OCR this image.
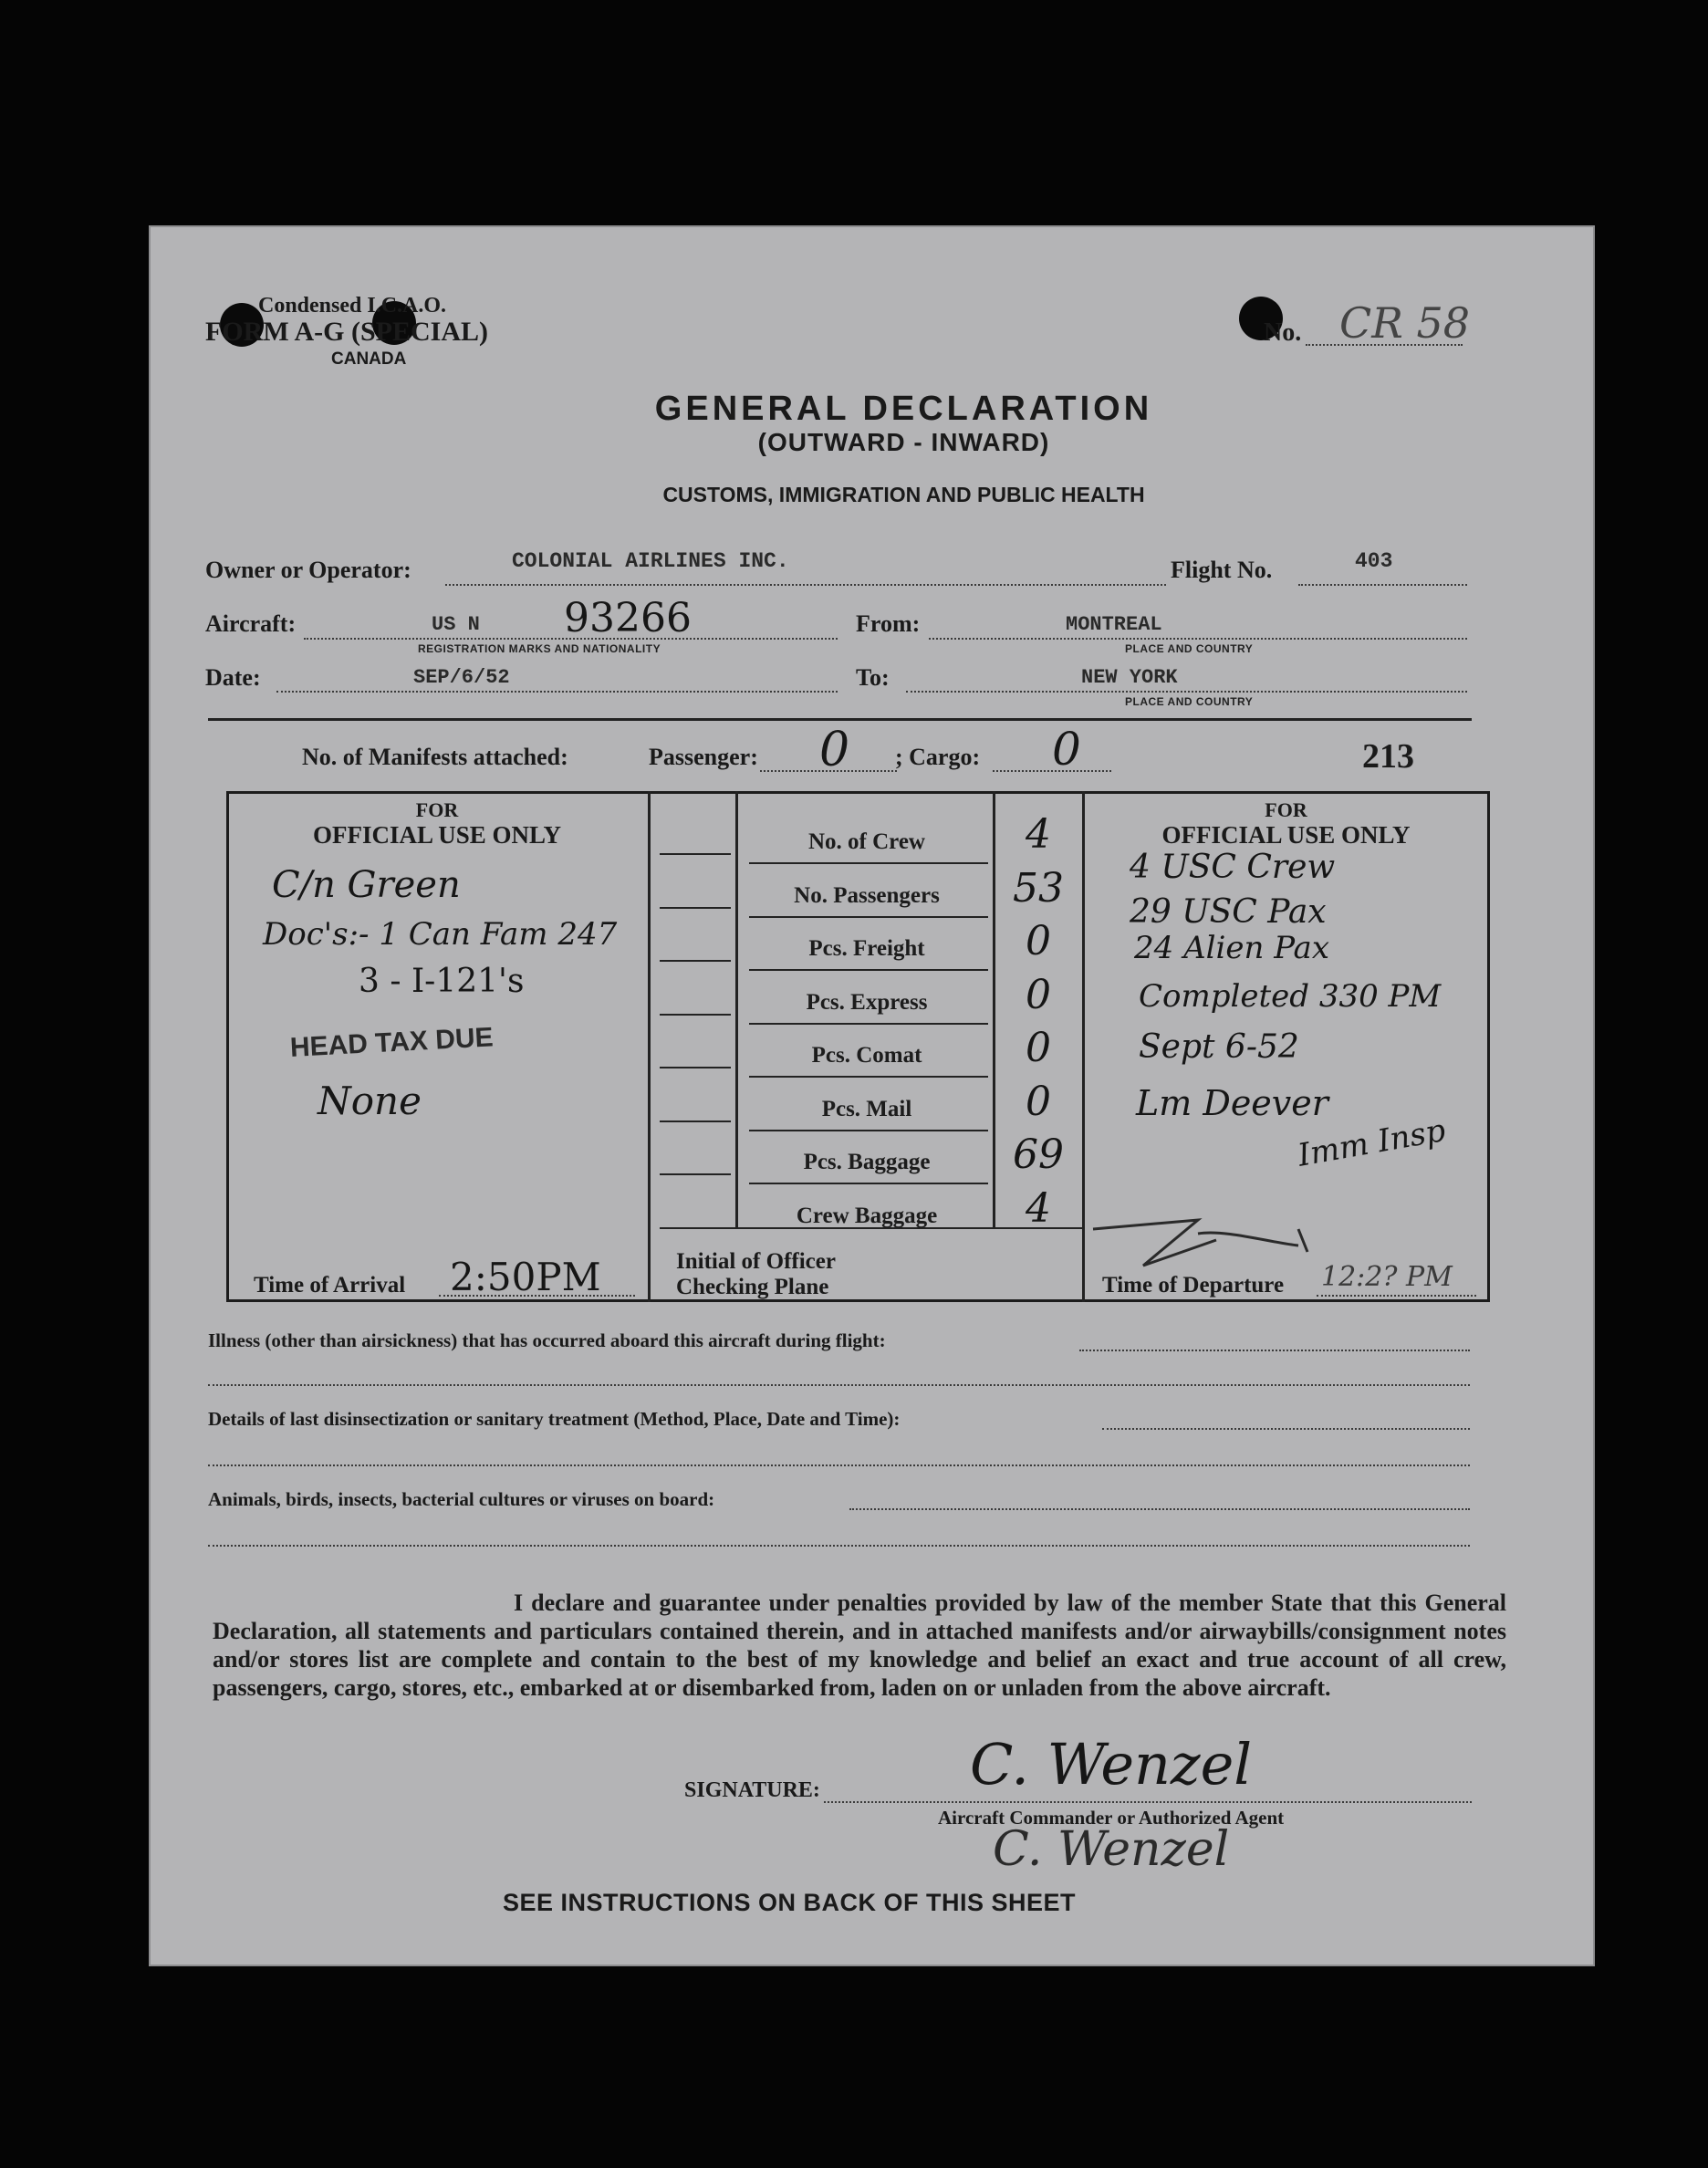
Condensed I.C.A.O.
FORM A-G (SPECIAL)
CANADA
No. CR 58
GENERAL DECLARATION
(OUTWARD - INWARD)
CUSTOMS, IMMIGRATION AND PUBLIC HEALTH
Owner or Operator:	COLONIAL AIRLINES INC.	Flight No.	403
Aircraft:	US N 93266
REGISTRATION MARKS AND NATIONALITY
From:	MONTREAL
PLACE AND COUNTRY
Date:	SEP/6/52	To:	NEW YORK
PLACE AND COUNTRY
No. of Manifests attached:	Passenger: 0 ; Cargo: 0	213
FOR
OFFICIAL USE ONLY
C/n Green
Doc's:- 1 Can Fam 247
3 - I-121's
HEAD TAX DUE
None
Time of Arrival 2:50PM
No. of Crew	4
No. Passengers	53
Pcs. Freight	0
Pcs. Express	0
Pcs. Comat	0
Pcs. Mail	0
Pcs. Baggage	69
Crew Baggage	4
Initial of Officer
Checking Plane
FOR
OFFICIAL USE ONLY
4 USC Crew
29 USC Pax
24 Alien Pax
Completed 330 PM
Sept 6-52
Lm Deever
Imm Insp
Time of Departure 12:2? PM
Illness (other than airsickness) that has occurred aboard this aircraft during flight:
Details of last disinsectization or sanitary treatment (Method, Place, Date and Time):
Animals, birds, insects, bacterial cultures or viruses on board:
I declare and guarantee under penalties provided by law of the member State that this General Declaration, all statements and particulars contained therein, and in attached manifests and/or airwaybills/consignment notes and/or stores list are complete and contain to the best of my knowledge and belief an exact and true account of all crew, passengers, cargo, stores, etc., embarked at or disembarked from, laden on or unladen from the above aircraft.
SIGNATURE:	C. Wenzel
Aircraft Commander or Authorized Agent
C. Wenzel
SEE INSTRUCTIONS ON BACK OF THIS SHEET
